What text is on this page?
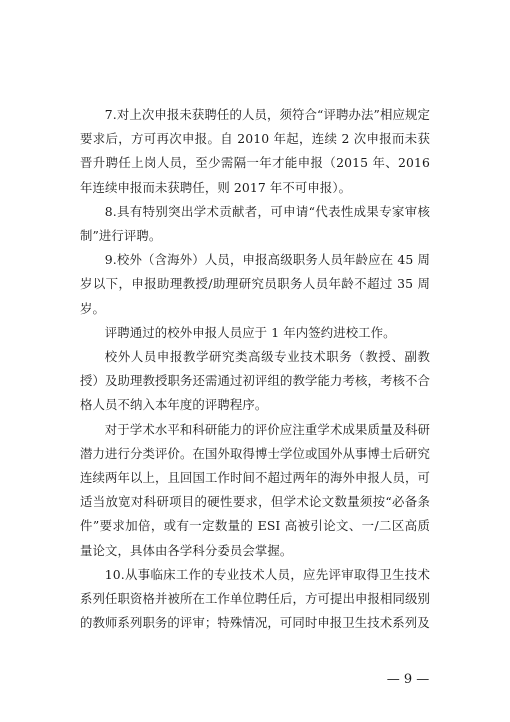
7.对上次申报未获聘任的人员，须符合“评聘办法”相应规定要求后，方可再次申报。自 2010 年起，连续 2 次申报而未获晋升聘任上岗人员，至少需隔一年才能申报（2015 年、2016 年连续申报而未获聘任，则 2017 年不可申报）。

8.具有特别突出学术贡献者，可申请“代表性成果专家审核制”进行评聘。

9.校外（含海外）人员，申报高级职务人员年龄应在 45 周岁以下，申报助理教授/助理研究员职务人员年龄不超过 35 周岁。

评聘通过的校外申报人员应于 1 年内签约进校工作。

校外人员申报教学研究类高级专业技术职务（教授、副教授）及助理教授职务还需通过初评组的教学能力考核，考核不合格人员不纳入本年度的评聘程序。

对于学术水平和科研能力的评价应注重学术成果质量及科研潜力进行分类评价。在国外取得博士学位或国外从事博士后研究连续两年以上，且回国工作时间不超过两年的海外申报人员，可适当放宽对科研项目的硬性要求，但学术论文数量须按“必备条件”要求加倍，或有一定数量的 ESI 高被引论文、一/二区高质量论文，具体由各学科分委员会掌握。

10.从事临床工作的专业技术人员，应先评审取得卫生技术系列任职资格并被所在工作单位聘任后，方可提出申报相同级别的教师系列职务的评审；特殊情况，可同时申报卫生技术系列及

— 9 —
